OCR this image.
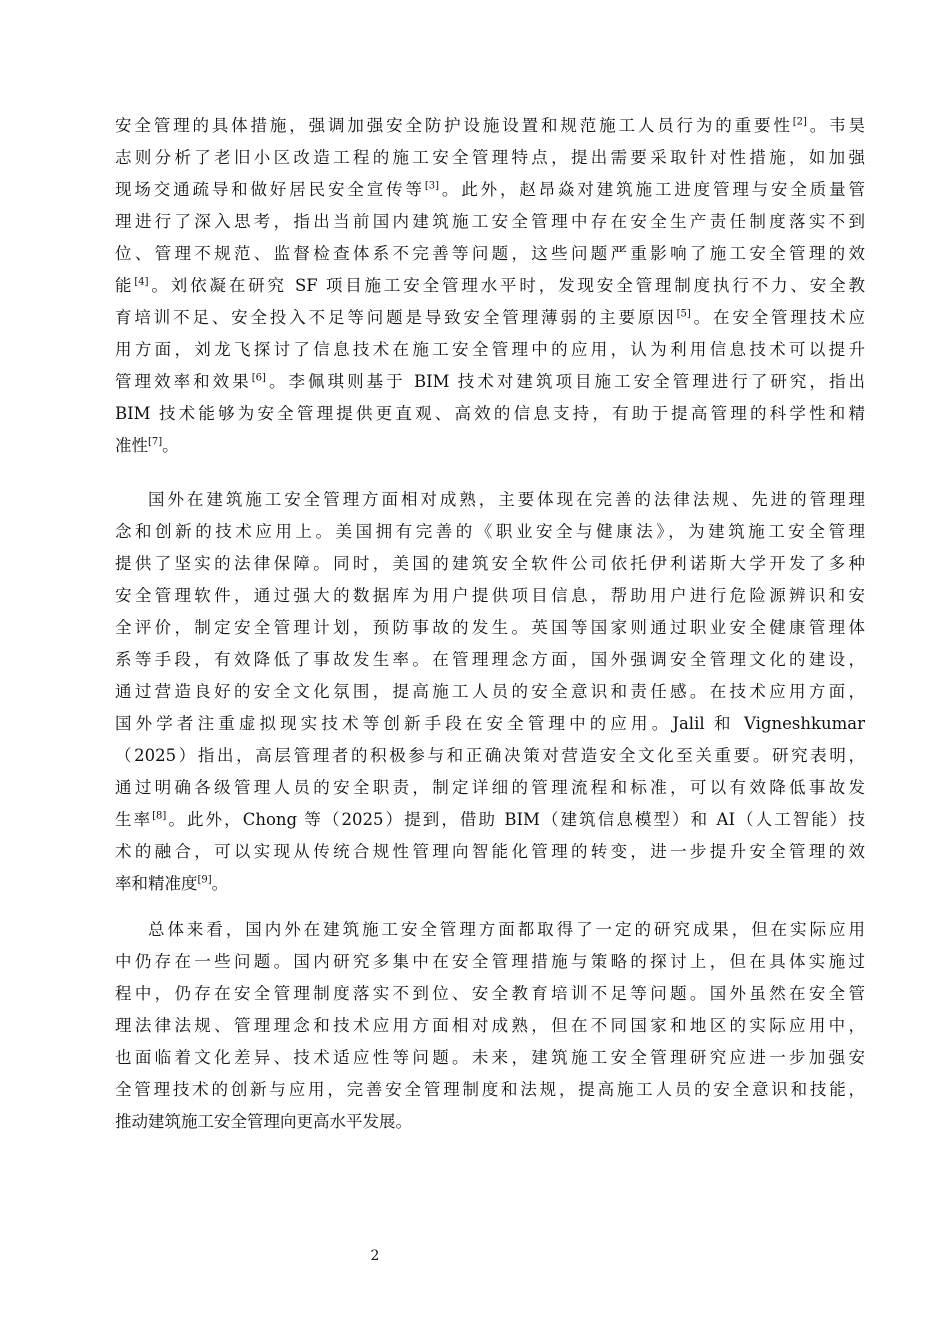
安全管理的具体措施，强调加强安全防护设施设置和规范施工人员行为的重要性[2]。韦昊
志则分析了老旧小区改造工程的施工安全管理特点，提出需要采取针对性措施，如加强
现场交通疏导和做好居民安全宣传等[3]。此外，赵昂焱对建筑施工进度管理与安全质量管
理进行了深入思考，指出当前国内建筑施工安全管理中存在安全生产责任制度落实不到
位、管理不规范、监督检查体系不完善等问题，这些问题严重影响了施工安全管理的效
能[4]。刘依凝在研究 SF 项目施工安全管理水平时，发现安全管理制度执行不力、安全教
育培训不足、安全投入不足等问题是导致安全管理薄弱的主要原因[5]。在安全管理技术应
用方面，刘龙飞探讨了信息技术在施工安全管理中的应用，认为利用信息技术可以提升
管理效率和效果[6]。李佩琪则基于 BIM 技术对建筑项目施工安全管理进行了研究，指出
BIM 技术能够为安全管理提供更直观、高效的信息支持，有助于提高管理的科学性和精
准性[7]。
国外在建筑施工安全管理方面相对成熟，主要体现在完善的法律法规、先进的管理理
念和创新的技术应用上。美国拥有完善的《职业安全与健康法》，为建筑施工安全管理
提供了坚实的法律保障。同时，美国的建筑安全软件公司依托伊利诺斯大学开发了多种
安全管理软件，通过强大的数据库为用户提供项目信息，帮助用户进行危险源辨识和安
全评价，制定安全管理计划，预防事故的发生。英国等国家则通过职业安全健康管理体
系等手段，有效降低了事故发生率。在管理理念方面，国外强调安全管理文化的建设，
通过营造良好的安全文化氛围，提高施工人员的安全意识和责任感。在技术应用方面，
国外学者注重虚拟现实技术等创新手段在安全管理中的应用。Jalil 和 Vigneshkumar
（2025）指出，高层管理者的积极参与和正确决策对营造安全文化至关重要。研究表明，
通过明确各级管理人员的安全职责，制定详细的管理流程和标准，可以有效降低事故发
生率[8]。此外，Chong 等（2025）提到，借助 BIM（建筑信息模型）和 AI（人工智能）技
术的融合，可以实现从传统合规性管理向智能化管理的转变，进一步提升安全管理的效
率和精准度[9]。
总体来看，国内外在建筑施工安全管理方面都取得了一定的研究成果，但在实际应用
中仍存在一些问题。国内研究多集中在安全管理措施与策略的探讨上，但在具体实施过
程中，仍存在安全管理制度落实不到位、安全教育培训不足等问题。国外虽然在安全管
理法律法规、管理理念和技术应用方面相对成熟，但在不同国家和地区的实际应用中，
也面临着文化差异、技术适应性等问题。未来，建筑施工安全管理研究应进一步加强安
全管理技术的创新与应用，完善安全管理制度和法规，提高施工人员的安全意识和技能，
推动建筑施工安全管理向更高水平发展。
2
